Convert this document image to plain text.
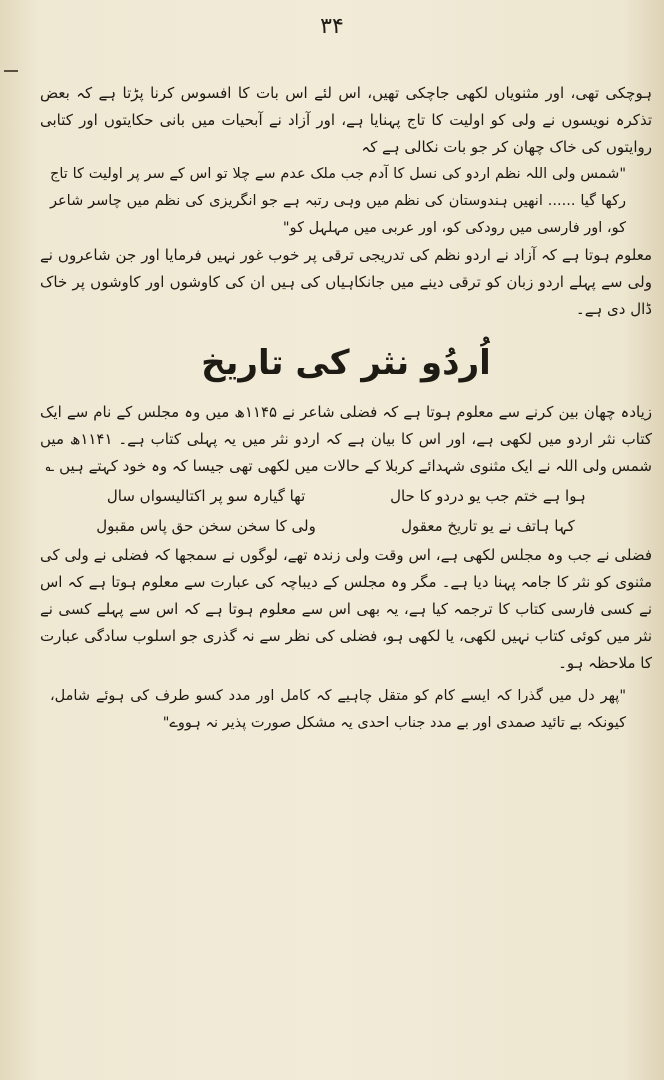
۳۴

ہوچکی تھی، اور مثنویاں لکھی جاچکی تھیں، اس لئے اس بات کا افسوس کرنا پڑتا ہے کہ بعض تذکرہ نویسوں نے ولی کو اولیت کا تاج پہنایا ہے، اور آزاد نے آبحیات میں بانی حکایتوں اور کتابی روایتوں کی خاک چھان کر جو بات نکالی ہے کہ

"شمس ولی اللہ نظم اردو کی نسل کا آدم جب ملک عدم سے چلا تو اس کے سر پر اولیت کا تاج رکھا گیا ...... انھیں ہندوستان کی نظم میں وہی رتبہ ہے جو انگریزی کی نظم میں چاسر شاعر کو، اور فارسی میں رودکی کو، اور عربی میں مہلہل کو"

معلوم ہوتا ہے کہ آزاد نے اردو نظم کی تدریجی ترقی پر خوب غور نہیں فرمایا اور جن شاعروں نے ولی سے پہلے اردو زبان کو ترقی دینے میں جانکاہیاں کی ہیں ان کی کاوشوں اور کاوشوں پر خاک ڈال دی ہے۔

اُردُو نثر کی تاریخ

زیادہ چھان بین کرنے سے معلوم ہوتا ہے کہ فضلی شاعر نے ۱۱۴۵ھ میں وہ مجلس کے نام سے ایک کتاب نثر اردو میں لکھی ہے، اور اس کا بیان ہے کہ اردو نثر میں یہ پہلی کتاب ہے۔ ۱۱۴۱ھ میں شمس ولی اللہ نے ایک مثنوی شہدائے کربلا کے حالات میں لکھی تھی جیسا کہ وہ خود کہتے ہیں ؎

ہوا ہے ختم جب یو دردو کا حال
تھا گیارہ سو پر اکتالیسواں سال
کہا ہاتف نے یو تاریخ معقول
ولی کا سخن سخن حق پاس مقبول

فضلی نے جب وہ مجلس لکھی ہے، اس وقت ولی زندہ تھے، لوگوں نے سمجھا کہ فضلی نے ولی کی مثنوی کو نثر کا جامہ پہنا دیا ہے۔ مگر وہ مجلس کے دیباچہ کی عبارت سے معلوم ہوتا ہے کہ اس نے کسی فارسی کتاب کا ترجمہ کیا ہے، یہ بھی اس سے معلوم ہوتا ہے کہ اس سے پہلے کسی نے نثر میں کوئی کتاب نہیں لکھی، یا لکھی ہو، فضلی کی نظر سے نہ گذری جو اسلوب سادگی عبارت کا ملاحظہ ہو۔

"پھر دل میں گذرا کہ ایسے کام کو متقل چاہیے کہ کامل اور مدد کسو طرف کی ہوئے شامل، کیونکہ بے تائید صمدی اور بے مدد جناب احدی یہ مشکل صورت پذیر نہ ہووے"
